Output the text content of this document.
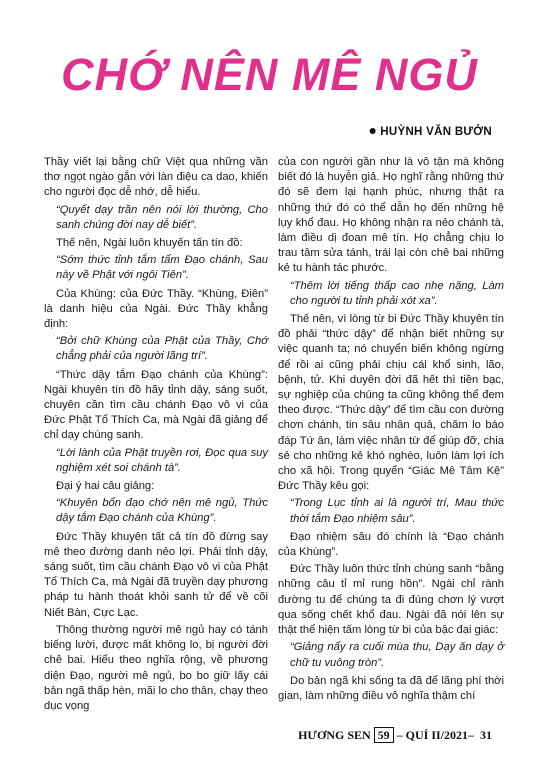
CHỚ NÊN MÊ NGỦ
● HUỲNH VĂN BƯỞN

Thầy viết lại bằng chữ Việt qua những vần thơ ngọt ngào gắn với làn điệu ca dao, khiến cho người đọc dễ nhớ, dễ hiểu.

“Quyết dạy trần nên nói lời thường, Cho sanh chúng đời nay dễ biết”.

Thế nên, Ngài luôn khuyến tấn tín đồ:

“Sớm thức tỉnh tắm tẩm Đạo chánh, Sau này về Phật với ngôi Tiên”.

Của Khùng: của Đức Thầy. “Khùng, Điên” là danh hiệu của Ngài. Đức Thầy khẳng định:

“Bởi chữ Khùng của Phật của Thầy, Chớ chẳng phải của người lãng trí”.

“Thức dậy tắm Đạo chánh của Khùng”: Ngài khuyên tín đồ hãy tỉnh dậy, sáng suốt, chuyên cần tìm cầu chánh Đạo vô vi của Đức Phật Tổ Thích Ca, mà Ngài đã giảng để chỉ dạy chúng sanh.

“Lời lành của Phật truyền rơi, Đọc qua suy nghiệm xét soi chánh tà”.

Đại ý hai câu giảng:

“Khuyên bổn đạo chớ nên mê ngủ, Thức dậy tắm Đạo chánh của Khùng”.

Đức Thầy khuyên tất cả tín đồ đừng say mê theo đường danh nẻo lợi. Phải tỉnh dậy, sáng suốt, tìm cầu chánh Đạo vô vi của Phật Tổ Thích Ca, mà Ngài đã truyền dạy phương pháp tu hành thoát khỏi sanh tử để về cõi Niết Bàn, Cực Lạc.

Thông thường người mê ngủ hay có tánh biếng lười, được mất không lo, bị người đời chê bai. Hiểu theo nghĩa rộng, về phương diện Đạo, người mê ngủ, bo bo giữ lấy cái bản ngã thấp hèn, mãi lo cho thân, chạy theo dục vọng

của con người gần như là vô tận mà không biết đó là huyễn giả. Họ nghĩ rằng những thứ đó sẽ đem lại hạnh phúc, nhưng thật ra những thứ đó có thể dẫn họ đến những hệ lụy khổ đau. Họ không nhận ra nẻo chánh tà, làm điều dị đoan mê tín. Họ chẳng chịu lo trau tâm sửa tánh, trái lại còn chê bai những kẻ tu hành tác phước.

“Thêm lời tiếng thấp cao nhẹ nặng, Làm cho người tu tỉnh phải xót xa”.

Thế nên, vì lòng từ bi Đức Thầy khuyên tín đồ phải “thức dậy” để nhận biết những sự việc quanh ta; nó chuyển biến không ngừng để rồi ai cũng phải chịu cái khổ sinh, lão, bệnh, tử. Khi duyên đời đã hết thì tiền bạc, sự nghiệp của chúng ta cũng không thể đem theo được. “Thức dậy” để tìm cầu con đường chơn chánh, tin sâu nhân quả, chăm lo báo đáp Tứ ân, làm việc nhân từ để giúp đỡ, chia sẻ cho những kẻ khó nghèo, luôn làm lợi ích cho xã hội. Trong quyển “Giác Mê Tâm Kệ” Đức Thầy kêu gọi:

“Trong Lục tỉnh ai là người trí, Mau thức thời tắm Đạo nhiệm sâu”.

Đạo nhiệm sâu đó chính là “Đạo chánh của Khùng”.

Đức Thầy luôn thức tỉnh chúng sanh “bằng những câu tỉ mỉ rung hồn”. Ngài chỉ rành đường tu để chúng ta đi đúng chơn lý vượt qua sống chết khổ đau. Ngài đã nói lên sự thật thể hiện tấm lòng từ bi của bậc đại giác:

“Giảng nẩy ra cuối mùa thu, Dạy ăn dạy ở chữ tu vuông tròn”.

Do bản ngã khi sống ta đã để lãng phí thời gian, làm những điều vô nghĩa thậm chí

HƯƠNG SEN 59 – QUÍ II/2021– 31
